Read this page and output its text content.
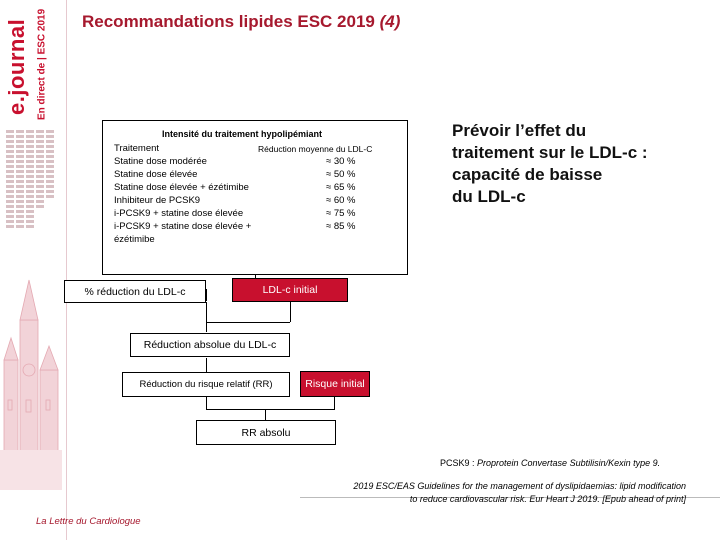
e.journal En direct de | ESC 2019 Recommandations lipides ESC 2019 (4)
Intensité du traitement hypolipémiant
Traitement	Réduction moyenne du LDL-C
Statine dose modérée	≈ 30 %
Statine dose élevée	≈ 50 %
Statine dose élevée + ézétimibe	≈ 65 %
Inhibiteur de PCSK9	≈ 60 %
i-PCSK9 + statine dose élevée	≈ 75 %
i-PCSK9 + statine dose élevée +	≈ 85 %
ézétimibe
% réduction du LDL-c	LDL-c initial
Réduction absolue du LDL-c
Réduction du risque relatif (RR)	Risque initial
RR absolu
Prévoir l’effet du
traitement sur le LDL-c :
capacité de baisse
du LDL-c
PCSK9 : Proprotein Convertase Subtilisin/Kexin type 9.
La Lettre du Cardiologue
2019 ESC/EAS Guidelines for the management of dyslipidaemias: lipid modification
to reduce cardiovascular risk. Eur Heart J 2019. [Epub ahead of print]
